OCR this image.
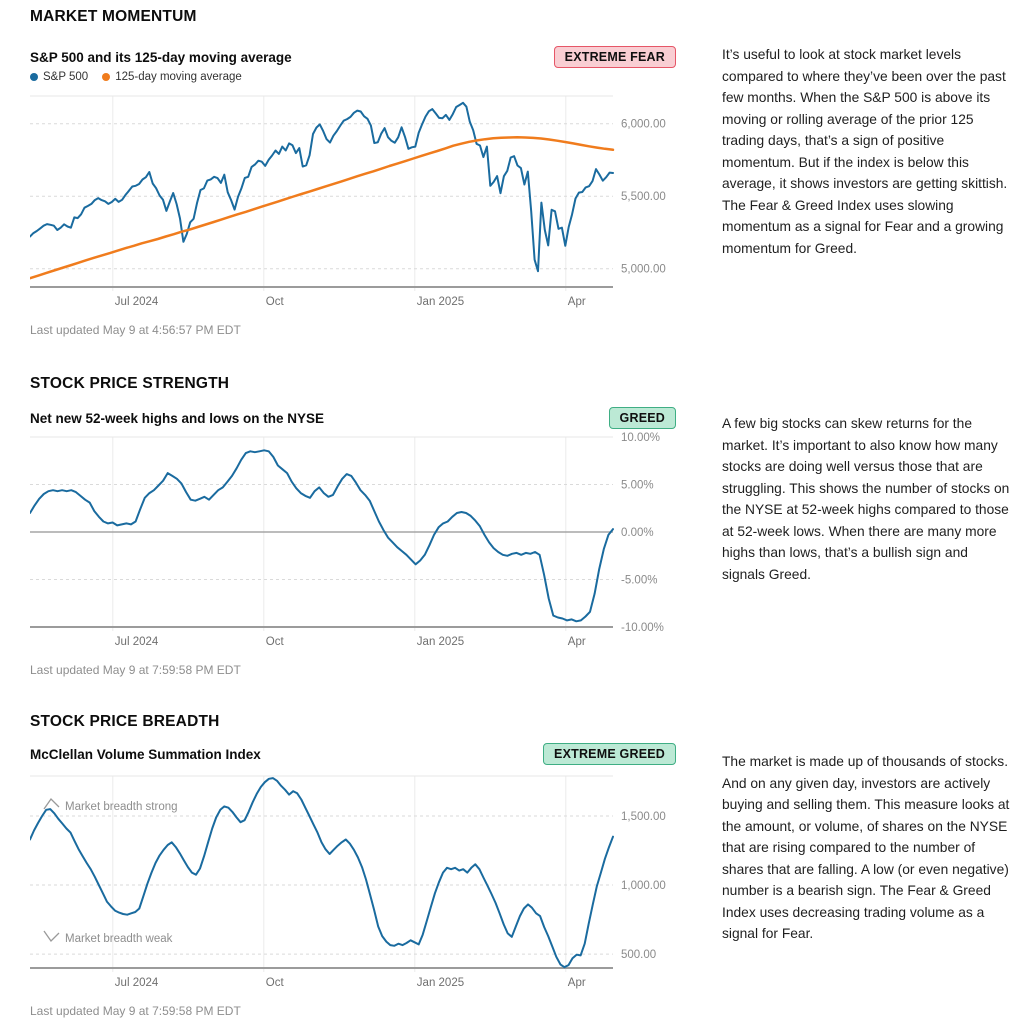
MARKET MOMENTUM
S&P 500 and its 125-day moving average	EXTREME FEAR
S&P 500 125-day moving average
Jul 2024	Oct	Jan 2025	Apr
6,000.00
5,500.00
5,000.00
Last updated May 9 at 4:56:57 PM EDT
It’s useful to look at stock market levels compared to where they’ve been over the past few months. When the S&P 500 is above its moving or rolling average of the prior 125 trading days, that’s a sign of positive momentum. But if the index is below this average, it shows investors are getting skittish. The Fear & Greed Index uses slowing momentum as a signal for Fear and a growing momentum for Greed.
STOCK PRICE STRENGTH
Net new 52-week highs and lows on the NYSE	GREED
Jul 2024	Oct	Jan 2025	Apr
10.00%
5.00%
0.00%
-5.00%
-10.00%
Last updated May 9 at 7:59:58 PM EDT
A few big stocks can skew returns for the market. It’s important to also know how many stocks are doing well versus those that are struggling. This shows the number of stocks on the NYSE at 52-week highs compared to those at 52-week lows. When there are many more highs than lows, that’s a bullish sign and signals Greed.
STOCK PRICE BREADTH
McClellan Volume Summation Index	EXTREME GREED
Jul 2024	Oct	Jan 2025	Apr
1,500.00
1,000.00
500.00
Market breadth strong
Market breadth weak
Last updated May 9 at 7:59:58 PM EDT
The market is made up of thousands of stocks. And on any given day, investors are actively buying and selling them. This measure looks at the amount, or volume, of shares on the NYSE that are rising compared to the number of shares that are falling. A low (or even negative) number is a bearish sign. The Fear & Greed Index uses decreasing trading volume as a signal for Fear.
